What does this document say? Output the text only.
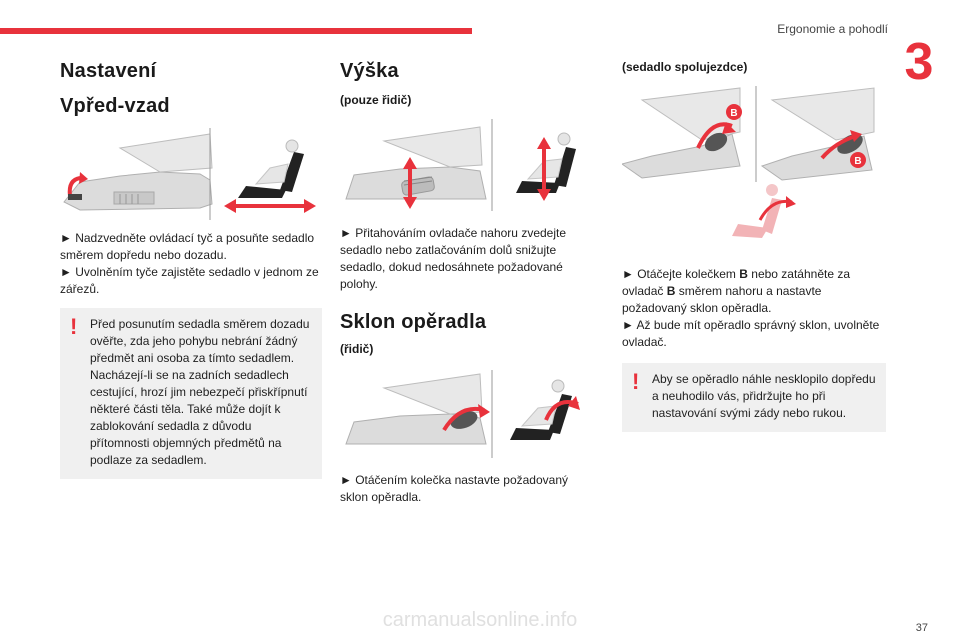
Ergonomie a pohodlí
3
Nastavení
Vpřed-vzad

► Nadzvedněte ovládací tyč a posuňte sedadlo směrem dopředu nebo dozadu.

► Uvolněním tyče zajistěte sedadlo v jednom ze zářezů.

! Před posunutím sedadla směrem dozadu ověřte, zda jeho pohybu nebrání žádný předmět ani osoba za tímto sedadlem. Nacházejí-li se na zadních sedadlech cestující, hrozí jim nebezpečí přiskřípnutí některé části těla. Také může dojít k zablokování sedadla z důvodu přítomnosti objemných předmětů na podlaze za sedadlem.
Výška
(pouze řidič)

► Přitahováním ovladače nahoru zvedejte sedadlo nebo zatlačováním dolů snižujte sedadlo, dokud nedosáhnete požadované polohy.

Sklon opěradla
(řidič)

► Otáčením kolečka nastavte požadovaný sklon opěradla.

(sedadlo spolujezdce)
B
B

► Otáčejte kolečkem B nebo zatáhněte za ovladač B směrem nahoru a nastavte požadovaný sklon opěradla.

► Až bude mít opěradlo správný sklon, uvolněte ovladač.

! Aby se opěradlo náhle nesklopilo dopředu a neuhodilo vás, přidržujte ho při nastavování svými zády nebo rukou.
carmanualsonline.info	37
